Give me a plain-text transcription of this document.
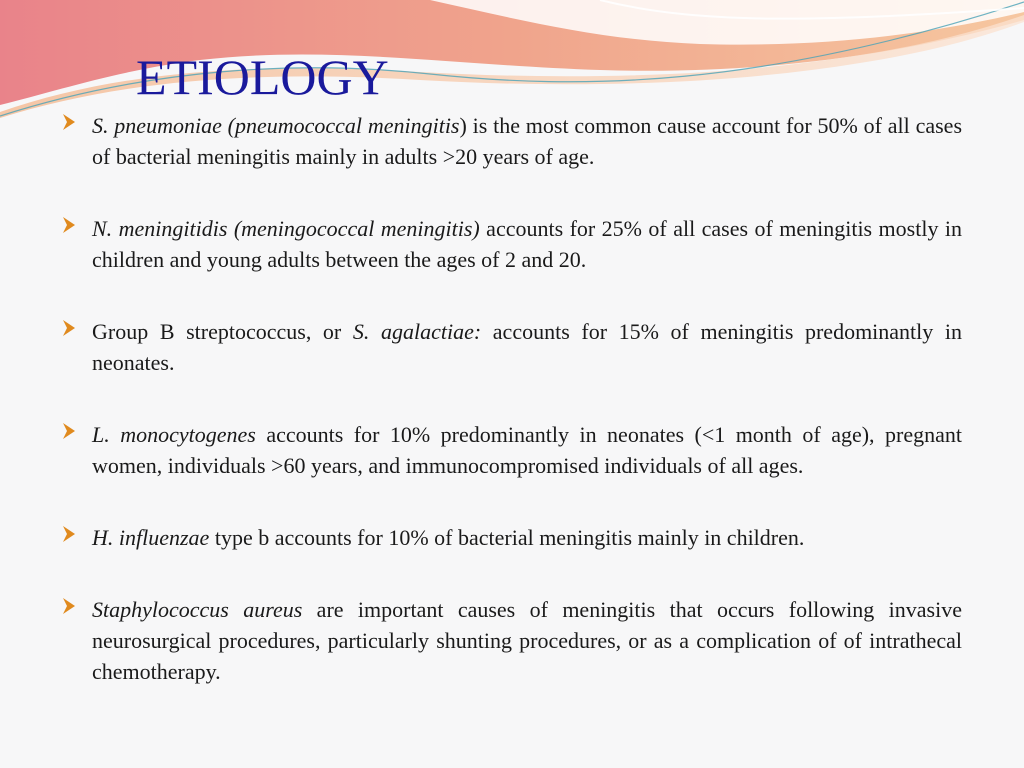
ETIOLOGY
S. pneumoniae (pneumococcal meningitis) is the most common cause account for 50% of all cases of bacterial meningitis mainly in adults >20 years of age.
N. meningitidis (meningococcal meningitis) accounts for 25% of all cases of meningitis mostly in children and young adults between the ages of 2 and 20.
Group B streptococcus, or S. agalactiae: accounts for 15% of meningitis predominantly in neonates.
L. monocytogenes accounts for 10% predominantly in neonates (<1 month of age), pregnant women, individuals >60 years, and immunocompromised individuals of all ages.
H. influenzae type b accounts for 10% of bacterial meningitis mainly in children.
Staphylococcus aureus are important causes of meningitis that occurs following invasive neurosurgical procedures, particularly shunting procedures, or as a complication of of intrathecal chemotherapy.
